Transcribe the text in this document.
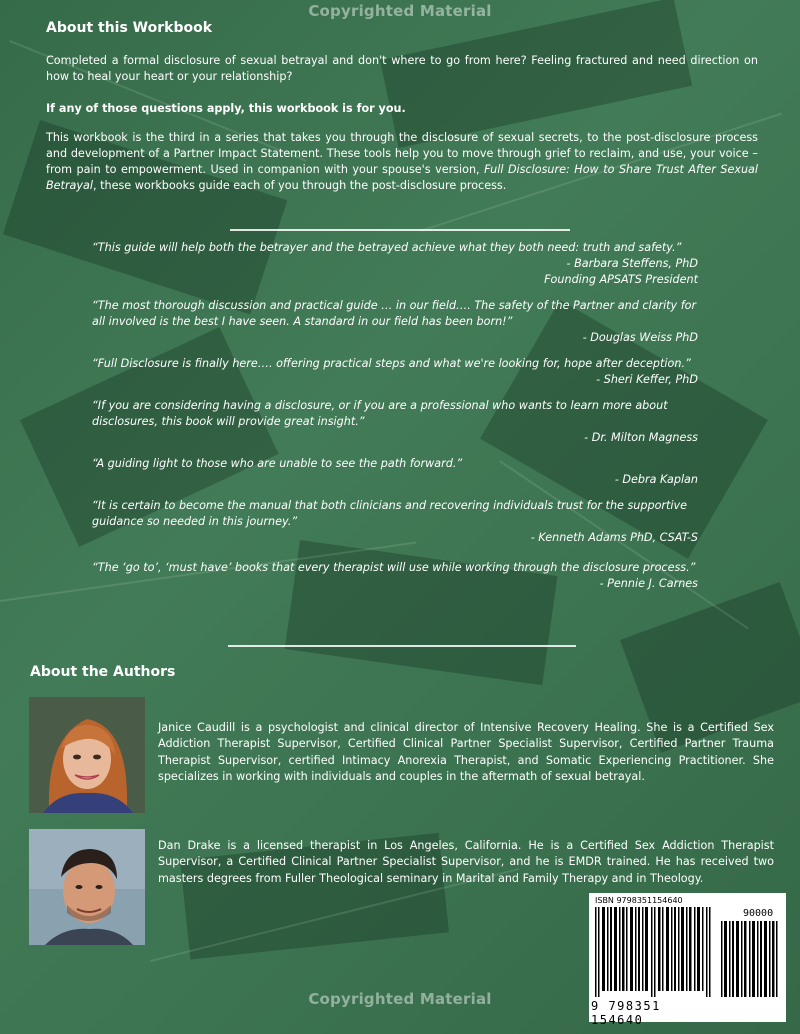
Copyrighted Material
Copyrighted Material
About this Workbook

Completed a formal disclosure of sexual betrayal and don't where to go from here? Feeling fractured and need direction on how to heal your heart or your relationship?

If any of those questions apply, this workbook is for you.

This workbook is the third in a series that takes you through the disclosure of sexual secrets, to the post-disclosure process and development of a Partner Impact Statement. These tools help you to move through grief to reclaim, and use, your voice – from pain to empowerment. Used in companion with your spouse's version, Full Disclosure: How to Share Trust After Sexual Betrayal, these workbooks guide each of you through the post-disclosure process.

“This guide will help both the betrayer and the betrayed achieve what they both need: truth and safety.”

- Barbara Steffens, PhD

Founding APSATS President

“The most thorough discussion and practical guide … in our field…. The safety of the Partner and clarity for all involved is the best I have seen. A standard in our field has been born!”

- Douglas Weiss PhD

“Full Disclosure is finally here…. offering practical steps and what we're looking for, hope after deception.”

- Sheri Keffer, PhD

“If you are considering having a disclosure, or if you are a professional who wants to learn more about disclosures, this book will provide great insight.”

- Dr. Milton Magness

“A guiding light to those who are unable to see the path forward.”

- Debra Kaplan

“It is certain to become the manual that both clinicians and recovering individuals trust for the supportive guidance so needed in this journey.”

- Kenneth Adams PhD, CSAT-S

“The ‘go to’, ‘must have’ books that every therapist will use while working through the disclosure process.”

- Pennie J. Carnes

About the Authors

Janice Caudill is a psychologist and clinical director of Intensive Recovery Healing. She is a Certified Sex Addiction Therapist Supervisor, Certified Clinical Partner Specialist Supervisor, Certified Partner Trauma Therapist Supervisor, certified Intimacy Anorexia Therapist, and Somatic Experiencing Practitioner. She specializes in working with individuals and couples in the aftermath of sexual betrayal.

Dan Drake is a licensed therapist in Los Angeles, California. He is a Certified Sex Addiction Therapist Supervisor, a Certified Clinical Partner Specialist Supervisor, and he is EMDR trained. He has received two masters degrees from Fuller Theological seminary in Marital and Family Therapy and in Theology.

ISBN 9798351154640
90000
9 798351 154640
